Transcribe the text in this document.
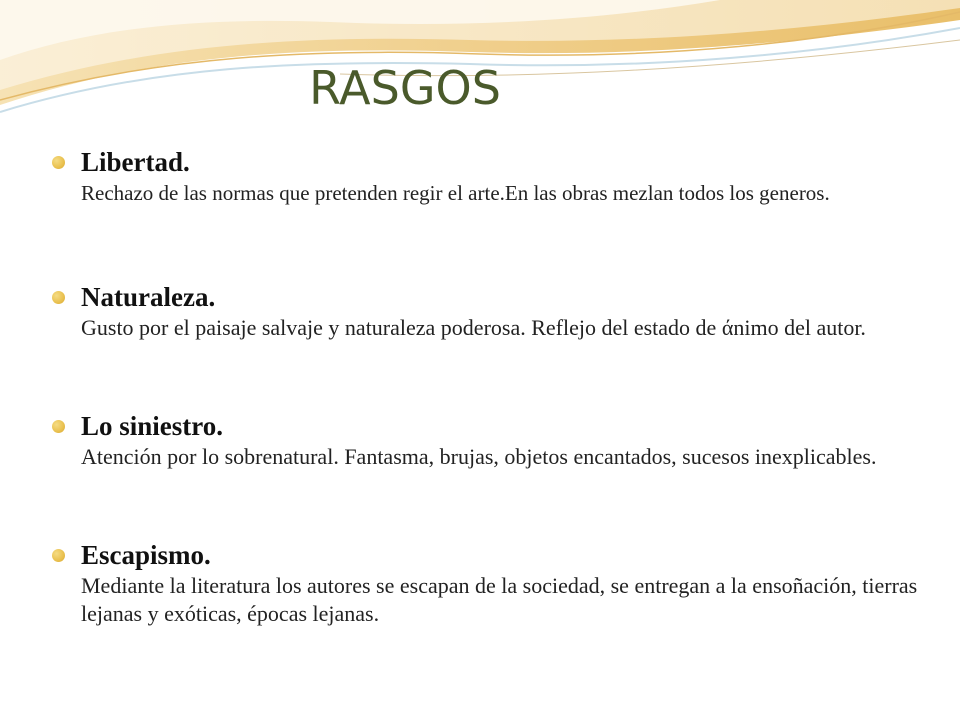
RASGOS
Libertad.
Rechazo de las normas que pretenden regir el arte.En las obras mezlan todos los generos.
Naturaleza.
Gusto por el paisaje salvaje y naturaleza poderosa. Reflejo del estado de άnimo del autor.
Lo siniestro.
Atención por lo sobrenatural. Fantasma, brujas, objetos encantados, sucesos inexplicables.
Escapismo.
Mediante la literatura los autores se escapan de la sociedad, se entregan a la ensoñación, tierras lejanas y exóticas, épocas lejanas.
